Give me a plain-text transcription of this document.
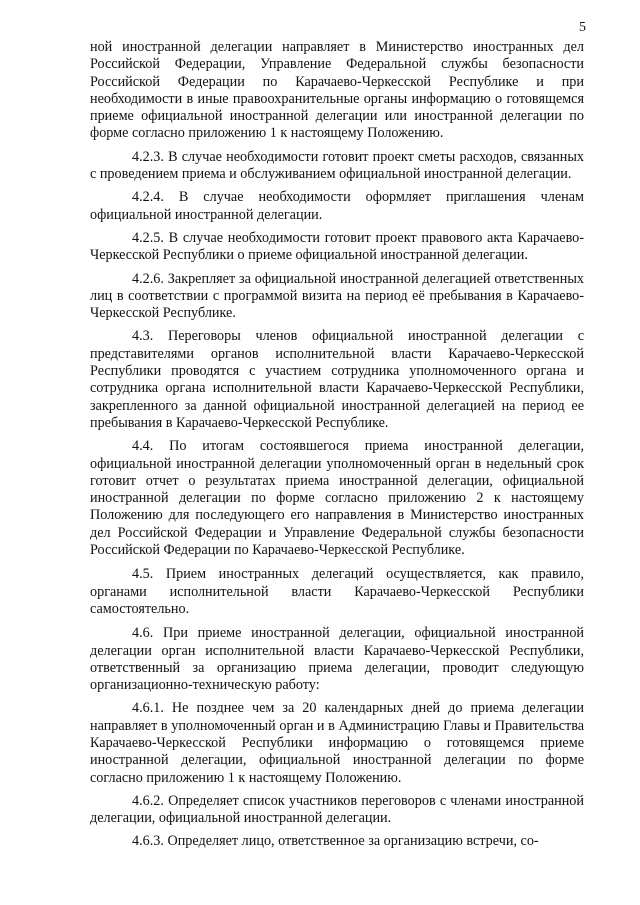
5

ной иностранной делегации направляет в Министерство иностранных дел Российской Федерации, Управление Федеральной службы безопасности Российской Федерации по Карачаево-Черкесской Республике и при необходимости в иные правоохранительные органы информацию о готовящемся приеме официальной иностранной делегации или иностранной делегации по форме согласно приложению 1 к настоящему Положению.

4.2.3. В случае необходимости готовит проект сметы расходов, связанных с проведением приема и обслуживанием официальной иностранной делегации.

4.2.4. В случае необходимости оформляет приглашения членам официальной иностранной делегации.

4.2.5. В случае необходимости готовит проект правового акта Карачаево-Черкесской Республики о приеме официальной иностранной делегации.

4.2.6. Закрепляет за официальной иностранной делегацией ответственных лиц в соответствии с программой визита на период её пребывания в Карачаево-Черкесской Республике.

4.3. Переговоры членов официальной иностранной делегации с представителями органов исполнительной власти Карачаево-Черкесской Республики проводятся с участием сотрудника уполномоченного органа и сотрудника органа исполнительной власти Карачаево-Черкесской Республики, закрепленного за данной официальной иностранной делегацией на период ее пребывания в Карачаево-Черкесской Республике.

4.4. По итогам состоявшегося приема иностранной делегации, официальной иностранной делегации уполномоченный орган в недельный срок готовит отчет о результатах приема иностранной делегации, официальной иностранной делегации по форме согласно приложению 2 к настоящему Положению для последующего его направления в Министерство иностранных дел Российской Федерации и Управление Федеральной службы безопасности Российской Федерации по Карачаево-Черкесской Республике.

4.5. Прием иностранных делегаций осуществляется, как правило, органами исполнительной власти Карачаево-Черкесской Республики самостоятельно.

4.6. При приеме иностранной делегации, официальной иностранной делегации орган исполнительной власти Карачаево-Черкесской Республики, ответственный за организацию приема делегации, проводит следующую организационно-техническую работу:

4.6.1. Не позднее чем за 20 календарных дней до приема делегации направляет в уполномоченный орган и в Администрацию Главы и Правительства Карачаево-Черкесской Республики информацию о готовящемся приеме иностранной делегации, официальной иностранной делегации по форме согласно приложению 1 к настоящему Положению.

4.6.2. Определяет список участников переговоров с членами иностранной делегации, официальной иностранной делегации.

4.6.3. Определяет лицо, ответственное за организацию встречи, со-
